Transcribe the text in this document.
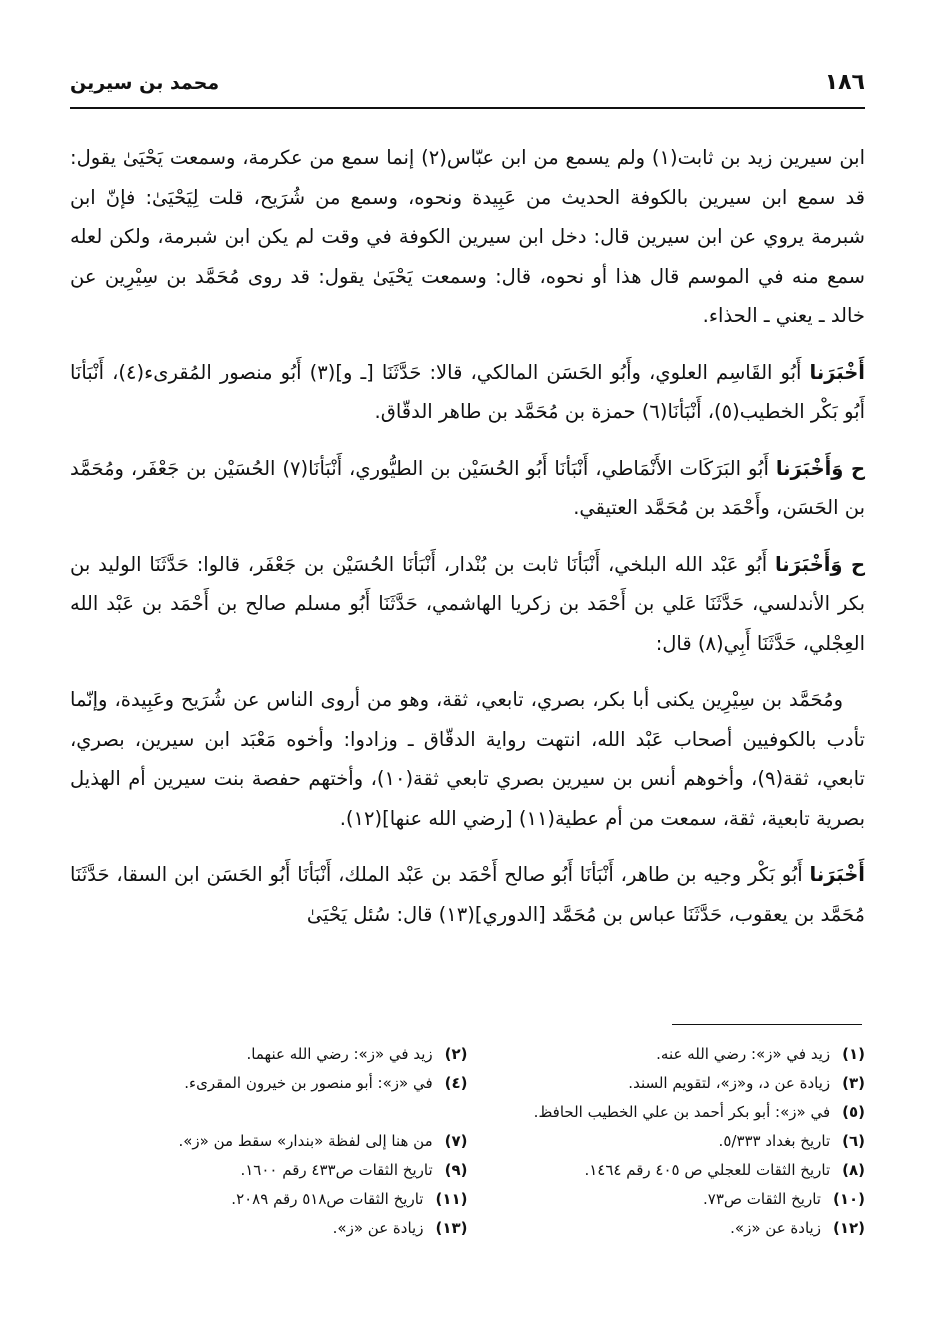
١٨٦
محمد بن سيرين

ابن سيرين زيد بن ثابت(١) ولم يسمع من ابن عبّاس(٢) إنما سمع من عكرمة، وسمعت يَحْيَىٰ يقول: قد سمع ابن سيرين بالكوفة الحديث من عَبِيدة ونحوه، وسمع من شُرَيح، قلت لِيَحْيَىٰ: فإنّ ابن شبرمة يروي عن ابن سيرين قال: دخل ابن سيرين الكوفة في وقت لم يكن ابن شبرمة، ولكن لعله سمع منه في الموسم قال هذا أو نحوه، قال: وسمعت يَحْيَىٰ يقول: قد روى مُحَمَّد بن سِيْرِين عن خالد ـ يعني ـ الحذاء.

أَخْبَرَنا أَبُو القَاسِم العلوي، وأَبُو الحَسَن المالكي، قالا: حَدَّثَنَا [ـ و](٣) أَبُو منصور المُقرىء(٤)، أَنْبَأنَا أَبُو بَكْر الخطيب(٥)، أَنْبَأنَا(٦) حمزة بن مُحَمَّد بن طاهر الدقّاق.

ح وَأَخْبَرَنا أَبُو البَرَكَات الأَنْمَاطي، أَنْبَأنَا أَبُو الحُسَيْن بن الطيُّوري، أَنْبَأنَا(٧) الحُسَيْن بن جَعْفَر، ومُحَمَّد بن الحَسَن، وأَحْمَد بن مُحَمَّد العتيقي.

ح وَأَخْبَرَنا أَبُو عَبْد الله البلخي، أَنْبَأنَا ثابت بن بُنْدار، أَنْبَأنَا الحُسَيْن بن جَعْفَر، قالوا: حَدَّثَنَا الوليد بن بكر الأندلسي، حَدَّثَنَا عَلي بن أَحْمَد بن زكريا الهاشمي، حَدَّثَنَا أَبُو مسلم صالح بن أَحْمَد بن عَبْد الله العِجْلي، حَدَّثَنَا أَبِي(٨) قال:

ومُحَمَّد بن سِيْرِين يكنى أبا بكر، بصري، تابعي، ثقة، وهو من أروى الناس عن شُرَيح وعَبِيدة، وإنّما تأدب بالكوفيين أصحاب عَبْد الله، انتهت رواية الدقّاق ـ وزادوا: وأخوه مَعْبَد ابن سيرين، بصري، تابعي، ثقة(٩)، وأخوهم أنس بن سيرين بصري تابعي ثقة(١٠)، وأختهم حفصة بنت سيرين أم الهذيل بصرية تابعية، ثقة، سمعت من أم عطية(١١) [رضي الله عنها](١٢).

أَخْبَرَنا أَبُو بَكْر وجيه بن طاهر، أَنْبَأنَا أَبُو صالح أَحْمَد بن عَبْد الملك، أَنْبَأنَا أَبُو الحَسَن ابن السقا، حَدَّثَنَا مُحَمَّد بن يعقوب، حَدَّثَنَا عباس بن مُحَمَّد [الدوري](١٣) قال: سُئل يَحْيَىٰ

(١)زيد في «ز»: رضي الله عنه.
(٢)زيد في «ز»: رضي الله عنهما.
(٣)زيادة عن د، و«ز»، لتقويم السند.
(٤)في «ز»: أبو منصور بن خيرون المقرىء.
(٥)في «ز»: أبو بكر أحمد بن علي الخطيب الحافظ.
(٦)تاريخ بغداد ٥/٣٣٣.
(٧)من هنا إلى لفظة «بندار» سقط من «ز».
(٨)تاريخ الثقات للعجلي ص ٤٠٥ رقم ١٤٦٤.
(٩)تاريخ الثقات ص٤٣٣ رقم ١٦٠٠.
(١٠)تاريخ الثقات ص٧٣.
(١١)تاريخ الثقات ص٥١٨ رقم ٢٠٨٩.
(١٢)زيادة عن «ز».
(١٣)زيادة عن «ز».
